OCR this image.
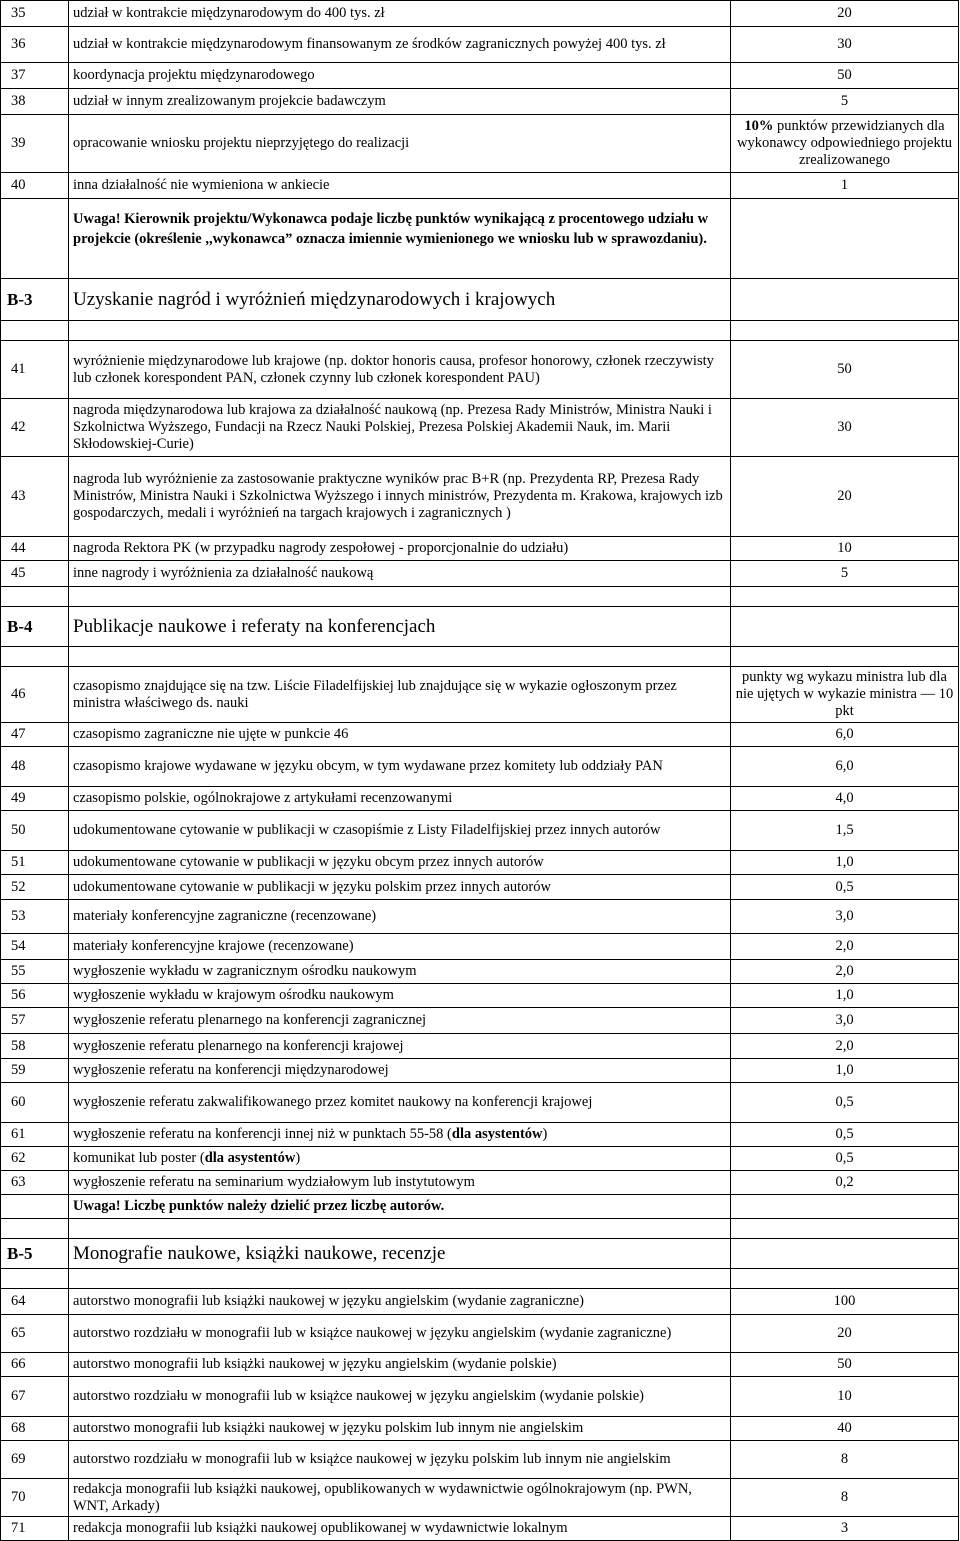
35	udział w kontrakcie międzynarodowym do 400 tys. zł	20
36	udział w kontrakcie międzynarodowym finansowanym ze środków zagranicznych powyżej 400 tys. zł	30
37	koordynacja projektu międzynarodowego	50
38	udział w innym zrealizowanym projekcie badawczym	5
39	opracowanie wniosku projektu nieprzyjętego do realizacji	10% punktów przewidzianych dla wykonawcy odpowiedniego projektu zrealizowanego
40	inna działalność nie wymieniona w ankiecie	1
	Uwaga! Kierownik projektu/Wykonawca podaje liczbę punktów wynikającą z procentowego udziału w projekcie (określenie ,,wykonawca” oznacza imiennie wymienionego we wniosku lub w sprawozdaniu).	
B-3	Uzyskanie nagród i wyróżnień międzynarodowych i krajowych	

41	wyróżnienie międzynarodowe lub krajowe (np. doktor honoris causa, profesor honorowy, członek rzeczywisty lub członek korespondent PAN, członek czynny lub członek korespondent PAU)	50
42	nagroda międzynarodowa lub krajowa za działalność naukową (np. Prezesa Rady Ministrów, Ministra Nauki i Szkolnictwa Wyższego, Fundacji na Rzecz Nauki Polskiej, Prezesa Polskiej Akademii Nauk, im. Marii Skłodowskiej-Curie)	30
43	nagroda lub wyróżnienie za zastosowanie praktyczne wyników prac B+R (np. Prezydenta RP, Prezesa Rady Ministrów, Ministra Nauki i Szkolnictwa Wyższego i innych ministrów, Prezydenta m. Krakowa, krajowych izb gospodarczych, medali i wyróżnień na targach krajowych i zagranicznych )	20
44	nagroda Rektora PK (w przypadku nagrody zespołowej - proporcjonalnie do udziału)	10
45	inne nagrody i wyróżnienia za działalność naukową	5

B-4	Publikacje naukowe i referaty na konferencjach	

46	czasopismo znajdujące się na tzw. Liście Filadelfijskiej lub znajdujące się w wykazie ogłoszonym przez ministra właściwego ds. nauki	punkty wg wykazu ministra lub dla nie ujętych w wykazie ministra — 10 pkt
47	czasopismo zagraniczne nie ujęte w punkcie 46	6,0
48	czasopismo krajowe wydawane w języku obcym, w tym wydawane przez komitety lub oddziały PAN	6,0
49	czasopismo polskie, ogólnokrajowe z artykułami recenzowanymi	4,0
50	udokumentowane cytowanie w publikacji w czasopiśmie z Listy Filadelfijskiej przez innych autorów	1,5
51	udokumentowane cytowanie w publikacji w języku obcym przez innych autorów	1,0
52	udokumentowane cytowanie w publikacji w języku polskim przez innych autorów	0,5
53	materiały konferencyjne zagraniczne (recenzowane)	3,0
54	materiały konferencyjne krajowe (recenzowane)	2,0
55	wygłoszenie wykładu w zagranicznym ośrodku naukowym	2,0
56	wygłoszenie wykładu w krajowym ośrodku naukowym	1,0
57	wygłoszenie referatu plenarnego na konferencji zagranicznej	3,0
58	wygłoszenie referatu plenarnego na konferencji krajowej	2,0
59	wygłoszenie referatu na konferencji międzynarodowej	1,0
60	wygłoszenie referatu zakwalifikowanego przez komitet naukowy na konferencji krajowej	0,5
61	wygłoszenie referatu na konferencji innej niż w punktach 55-58 (dla asystentów)	0,5
62	komunikat lub poster (dla asystentów)	0,5
63	wygłoszenie referatu na seminarium wydziałowym lub instytutowym	0,2
	Uwaga! Liczbę punktów należy dzielić przez liczbę autorów.	

B-5	Monografie naukowe, książki naukowe, recenzje	

64	autorstwo monografii lub książki naukowej w języku angielskim (wydanie zagraniczne)	100
65	autorstwo rozdziału w monografii lub w książce naukowej w języku angielskim (wydanie zagraniczne)	20
66	autorstwo monografii lub książki naukowej w języku angielskim (wydanie polskie)	50
67	autorstwo rozdziału w monografii lub w książce naukowej w języku angielskim (wydanie polskie)	10
68	autorstwo monografii lub książki naukowej w języku polskim lub innym nie angielskim	40
69	autorstwo rozdziału w monografii lub w książce naukowej w języku polskim lub innym nie angielskim	8
70	redakcja monografii lub książki naukowej, opublikowanych w wydawnictwie ogólnokrajowym (np. PWN, WNT, Arkady)	8
71	redakcja monografii lub książki naukowej opublikowanej w wydawnictwie lokalnym	3
